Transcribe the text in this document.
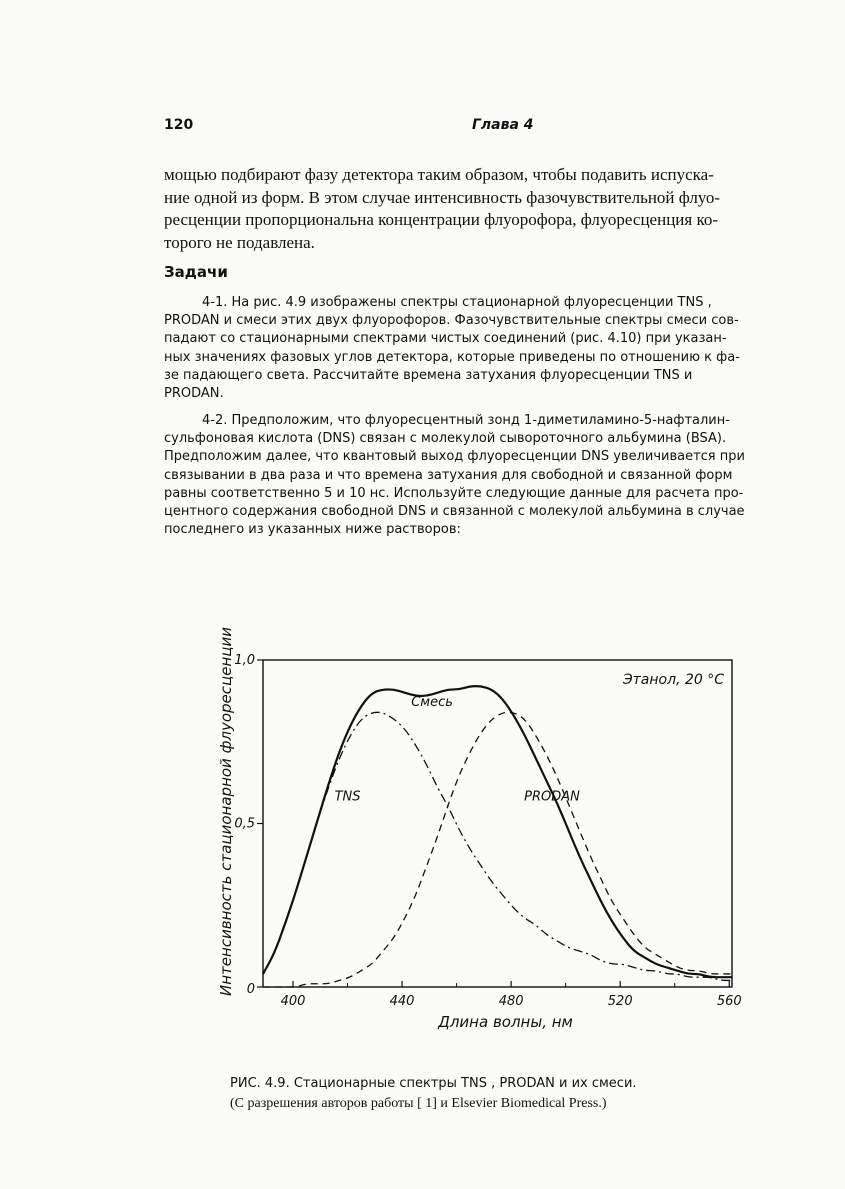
120	Глава 4
мощью подбирают фазу детектора таким образом, чтобы подавить испуска-
ние одной из форм. В этом случае интенсивность фазочувствительной флуо-
ресценции пропорциональна концентрации флуорофора, флуоресценция ко-
торого не подавлена.
Задачи
4-1. На рис. 4.9 изображены спектры стационарной флуоресценции TNS ,
PRODAN и смеси этих двух флуорофоров. Фазочувствительные спектры смеси сов-
падают со стационарными спектрами чистых соединений (рис. 4.10) при указан-
ных значениях фазовых углов детектора, которые приведены по отношению к фа-
зе падающего света. Рассчитайте времена затухания флуоресценции TNS и
PRODAN.
4-2. Предположим, что флуоресцентный зонд 1-диметиламино-5-нафталин-
сульфоновая кислота (DNS) связан с молекулой сывороточного альбумина (BSA).
Предположим далее, что квантовый выход флуоресценции DNS увеличивается при
связывании в два раза и что времена затухания для свободной и связанной форм
равны соответственно 5 и 10 нс. Используйте следующие данные для расчета про-
центного содержания свободной DNS и связанной с молекулой альбумина в случае
последнего из указанных ниже растворов:
400	440	480	520	560
0
0,5
1,0
Смесь
TNS	PRODAN
Этанол, 20 °С
Длина волны, нм
Интенсивность стационарной флуоресценции
РИС. 4.9. Стационарные спектры TNS , PRODAN и их смеси.
(С разрешения авторов работы [ 1] и Elsevier Biomedical Press.)
